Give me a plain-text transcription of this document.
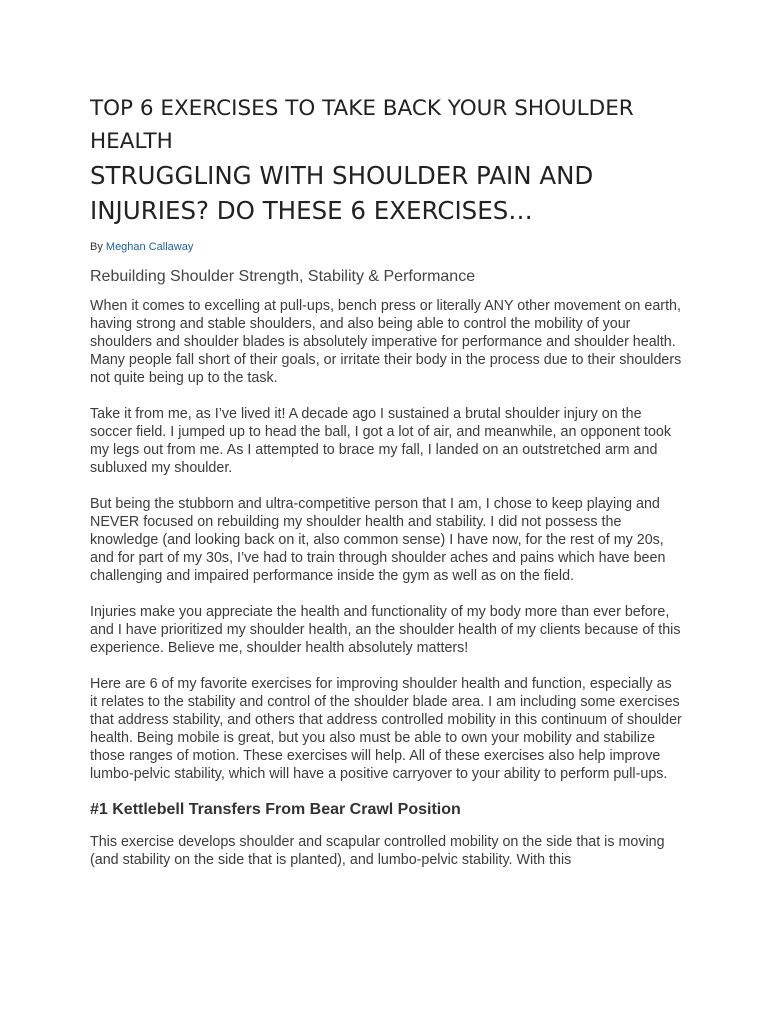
TOP 6 EXERCISES TO TAKE BACK YOUR SHOULDER HEALTH
STRUGGLING WITH SHOULDER PAIN AND INJURIES? DO THESE 6 EXERCISES…
By Meghan Callaway
Rebuilding Shoulder Strength, Stability & Performance

When it comes to excelling at pull-ups, bench press or literally ANY other movement on earth, having strong and stable shoulders, and also being able to control the mobility of your shoulders and shoulder blades is absolutely imperative for performance and shoulder health. Many people fall short of their goals, or irritate their body in the process due to their shoulders not quite being up to the task.

Take it from me, as I’ve lived it! A decade ago I sustained a brutal shoulder injury on the soccer field. I jumped up to head the ball, I got a lot of air, and meanwhile, an opponent took my legs out from me. As I attempted to brace my fall, I landed on an outstretched arm and subluxed my shoulder.

But being the stubborn and ultra-competitive person that I am, I chose to keep playing and NEVER focused on rebuilding my shoulder health and stability. I did not possess the knowledge (and looking back on it, also common sense) I have now, for the rest of my 20s, and for part of my 30s, I’ve had to train through shoulder aches and pains which have been challenging and impaired performance inside the gym as well as on the field.

Injuries make you appreciate the health and functionality of my body more than ever before, and I have prioritized my shoulder health, an the shoulder health of my clients because of this experience. Believe me, shoulder health absolutely matters!

Here are 6 of my favorite exercises for improving shoulder health and function, especially as it relates to the stability and control of the shoulder blade area. I am including some exercises that address stability, and others that address controlled mobility in this continuum of shoulder health. Being mobile is great, but you also must be able to own your mobility and stabilize those ranges of motion. These exercises will help. All of these exercises also help improve lumbo-pelvic stability, which will have a positive carryover to your ability to perform pull-ups.

#1 Kettlebell Transfers From Bear Crawl Position

This exercise develops shoulder and scapular controlled mobility on the side that is moving (and stability on the side that is planted), and lumbo-pelvic stability. With this
